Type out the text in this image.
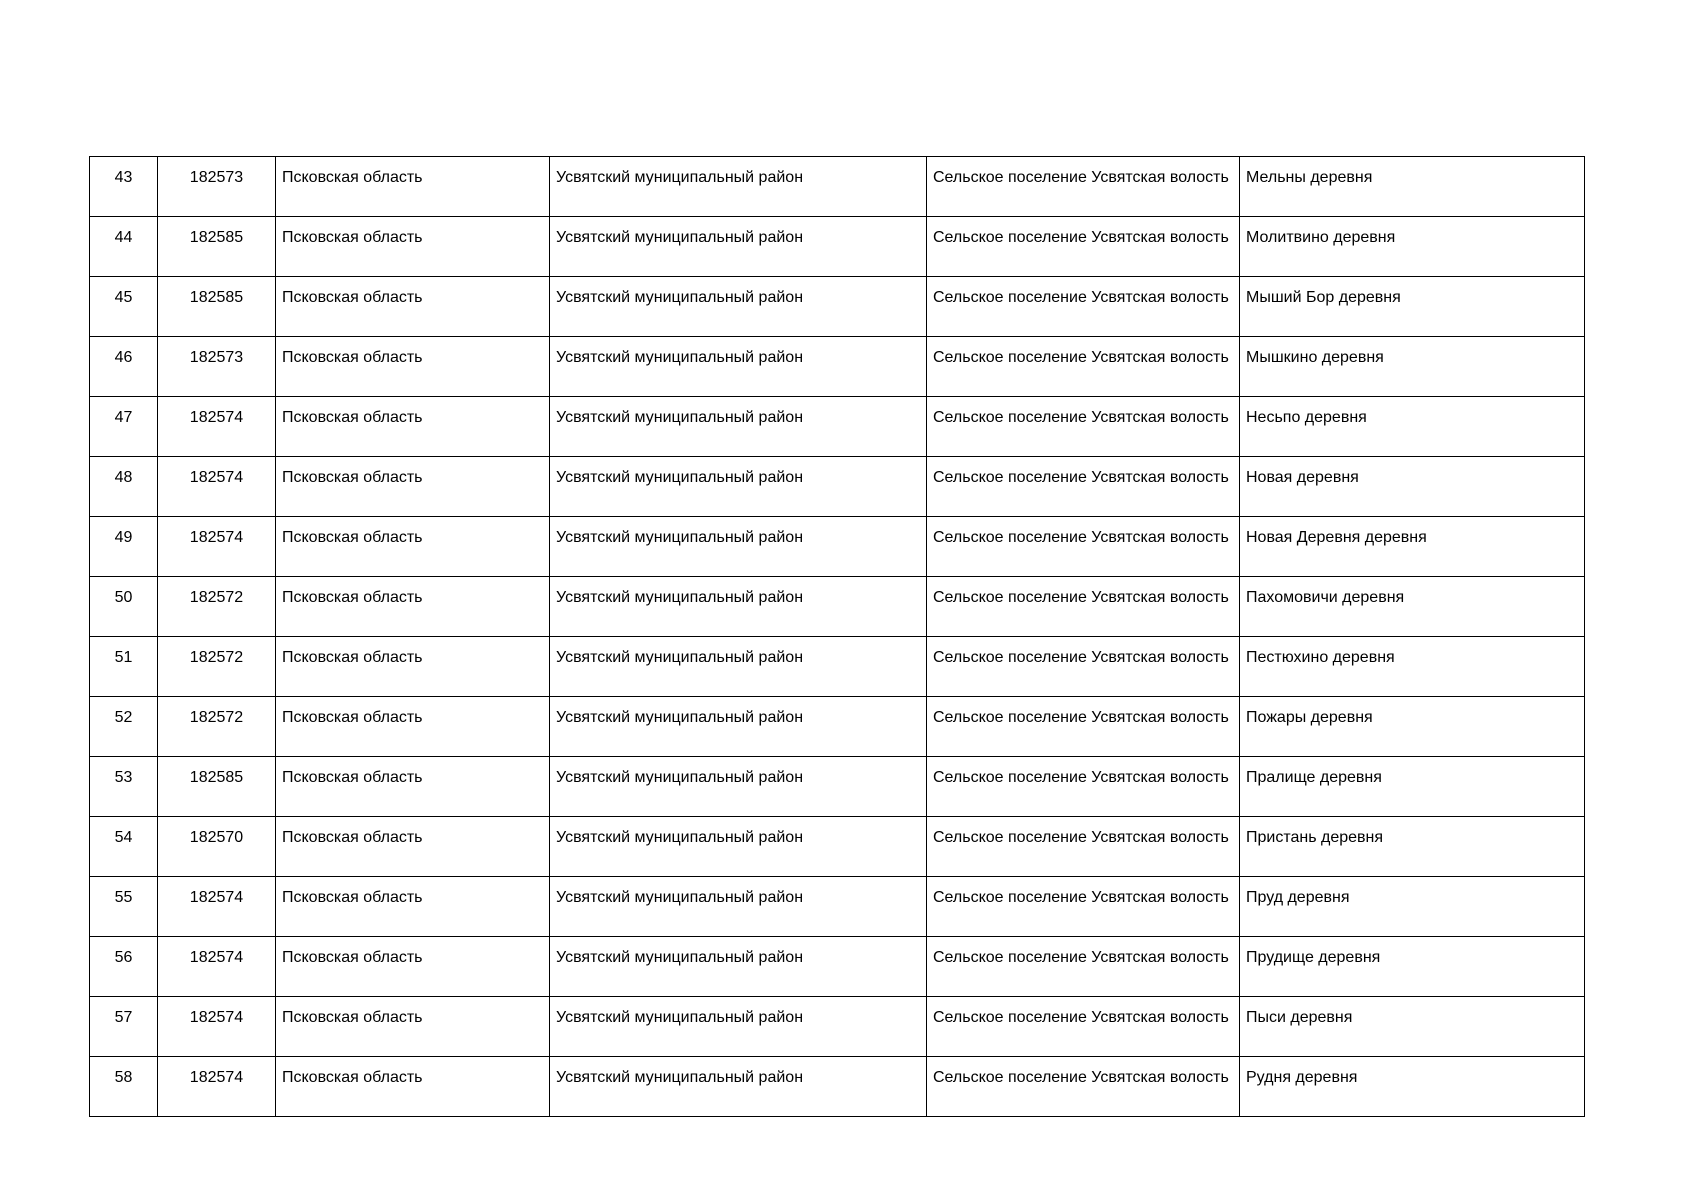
43	182573	Псковская область	Усвятский муниципальный район	Сельское поселение Усвятская волость	Мельны деревня

44	182585	Псковская область	Усвятский муниципальный район	Сельское поселение Усвятская волость	Молитвино деревня

45	182585	Псковская область	Усвятский муниципальный район	Сельское поселение Усвятская волость	Мыший Бор деревня

46	182573	Псковская область	Усвятский муниципальный район	Сельское поселение Усвятская волость	Мышкино деревня

47	182574	Псковская область	Усвятский муниципальный район	Сельское поселение Усвятская волость	Несьпо деревня

48	182574	Псковская область	Усвятский муниципальный район	Сельское поселение Усвятская волость	Новая деревня

49	182574	Псковская область	Усвятский муниципальный район	Сельское поселение Усвятская волость	Новая Деревня деревня

50	182572	Псковская область	Усвятский муниципальный район	Сельское поселение Усвятская волость	Пахомовичи деревня

51	182572	Псковская область	Усвятский муниципальный район	Сельское поселение Усвятская волость	Пестюхино деревня

52	182572	Псковская область	Усвятский муниципальный район	Сельское поселение Усвятская волость	Пожары деревня

53	182585	Псковская область	Усвятский муниципальный район	Сельское поселение Усвятская волость	Пралище деревня

54	182570	Псковская область	Усвятский муниципальный район	Сельское поселение Усвятская волость	Пристань деревня

55	182574	Псковская область	Усвятский муниципальный район	Сельское поселение Усвятская волость	Пруд деревня

56	182574	Псковская область	Усвятский муниципальный район	Сельское поселение Усвятская волость	Прудище деревня

57	182574	Псковская область	Усвятский муниципальный район	Сельское поселение Усвятская волость	Пыси деревня

58	182574	Псковская область	Усвятский муниципальный район	Сельское поселение Усвятская волость	Рудня деревня
